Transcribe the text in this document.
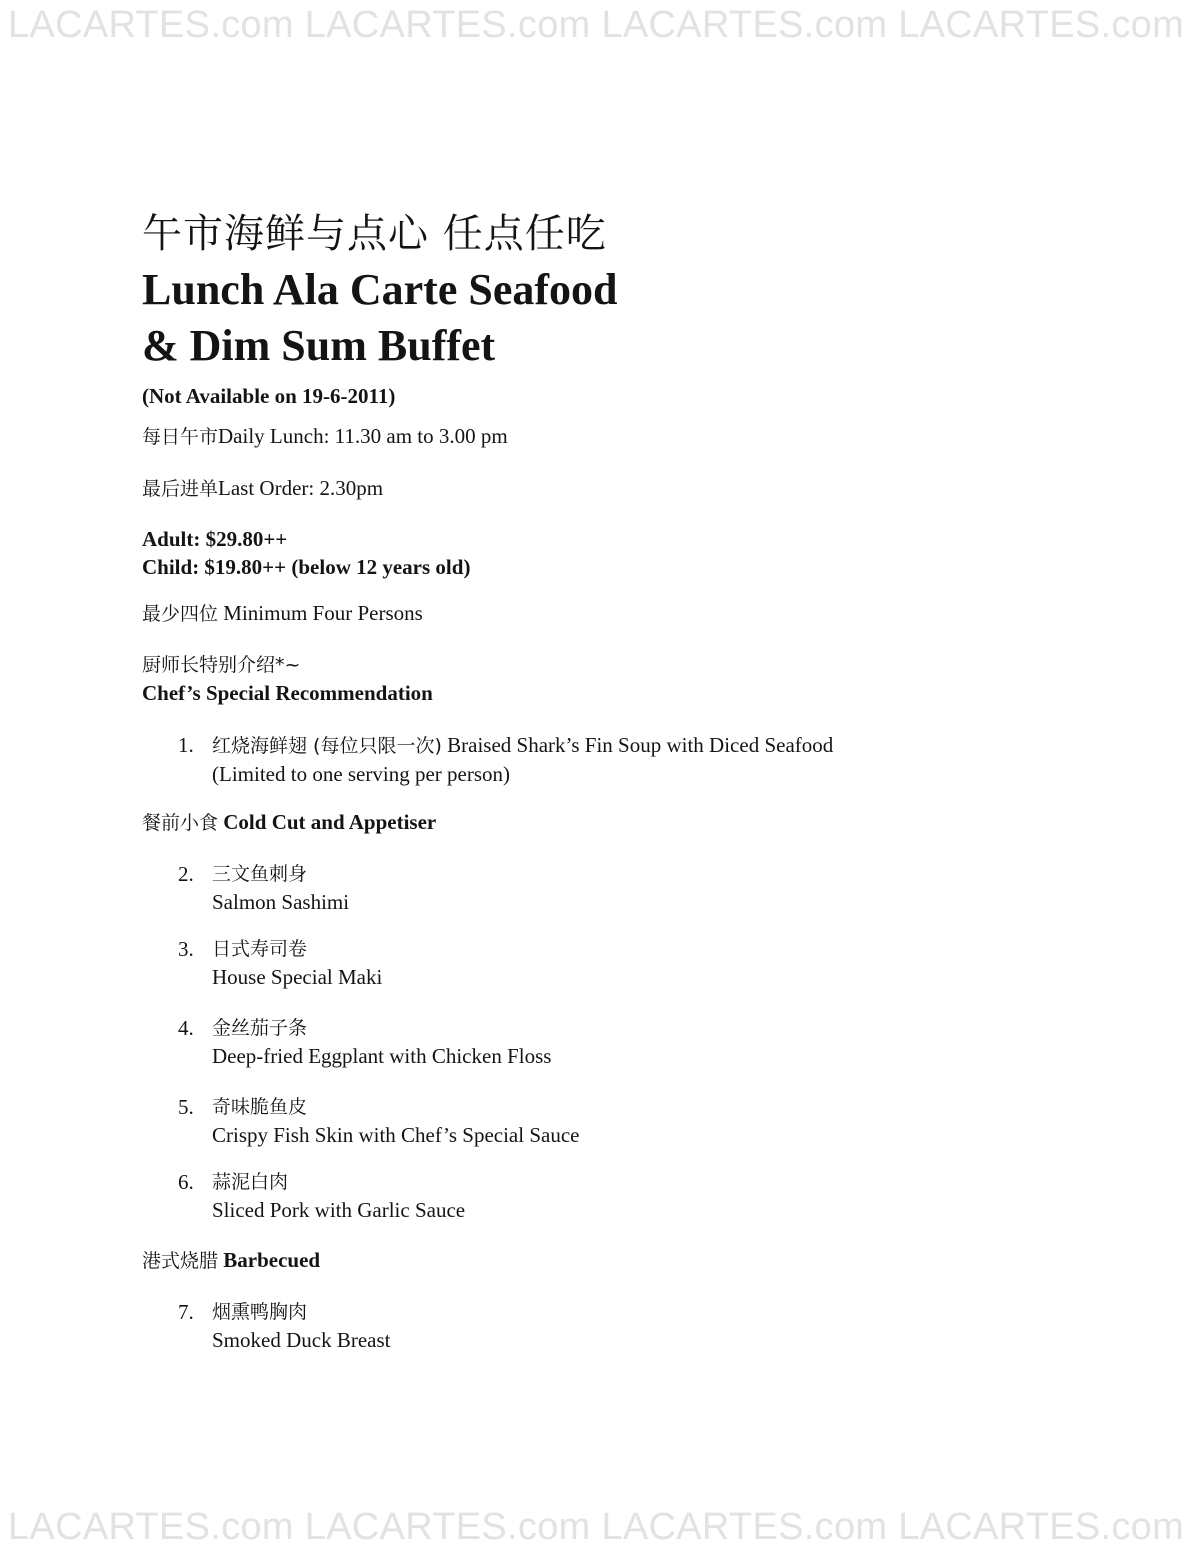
LACARTES.com LACARTES.com LACARTES.com LACARTES.com
午市海鲜与点心 任点任吃
Lunch Ala Carte Seafood
& Dim Sum Buffet

(Not Available on 19-6-2011)

每日午市Daily Lunch: 11.30 am to 3.00 pm

最后进单Last Order: 2.30pm

Adult: $29.80++

Child: $19.80++ (below 12 years old)

最少四位 Minimum Four Persons

厨师长特别介绍*~

Chef’s Special Recommendation

1. 红烧海鲜翅 (每位只限一次) Braised Shark’s Fin Soup with Diced Seafood
(Limited to one serving per person)

餐前小食 Cold Cut and Appetiser

2. 三文鱼刺身
Salmon Sashimi
3. 日式寿司卷
House Special Maki
4. 金丝茄子条
Deep-fried Eggplant with Chicken Floss
5. 奇味脆鱼皮
Crispy Fish Skin with Chef’s Special Sauce
6. 蒜泥白肉
Sliced Pork with Garlic Sauce

港式烧腊 Barbecued

7. 烟熏鸭胸肉
Smoked Duck Breast
LACARTES.com LACARTES.com LACARTES.com LACARTES.com
